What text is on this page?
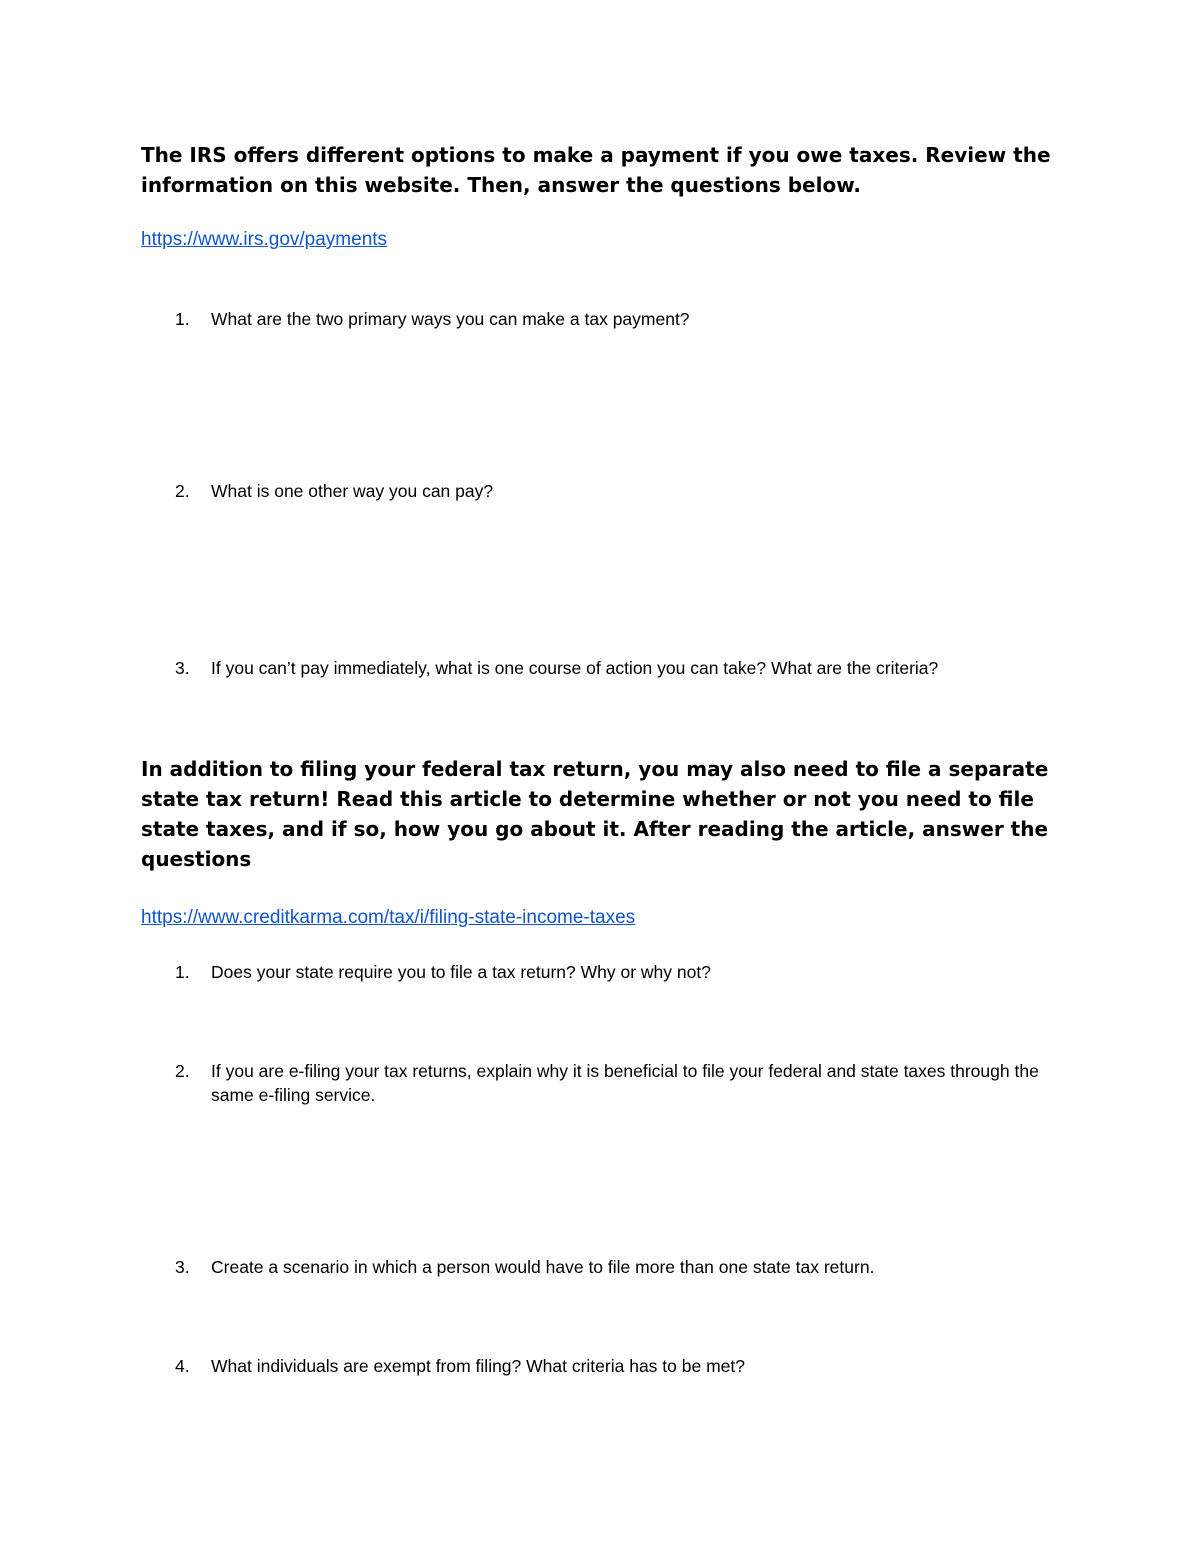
The IRS offers different options to make a payment if you owe taxes. Review the information on this website. Then, answer the questions below.

https://www.irs.gov/payments
1. What are the two primary ways you can make a tax payment?
2. What is one other way you can pay?
3. If you can’t pay immediately, what is one course of action you can take? What are the criteria?

In addition to filing your federal tax return, you may also need to file a separate state tax return! Read this article to determine whether or not you need to file state taxes, and if so, how you go about it. After reading the article, answer the questions

https://www.creditkarma.com/tax/i/filing-state-income-taxes
1. Does your state require you to file a tax return? Why or why not?
2. If you are e-filing your tax returns, explain why it is beneficial to file your federal and state taxes through the same e-filing service.
3. Create a scenario in which a person would have to file more than one state tax return.
4. What individuals are exempt from filing? What criteria has to be met?
